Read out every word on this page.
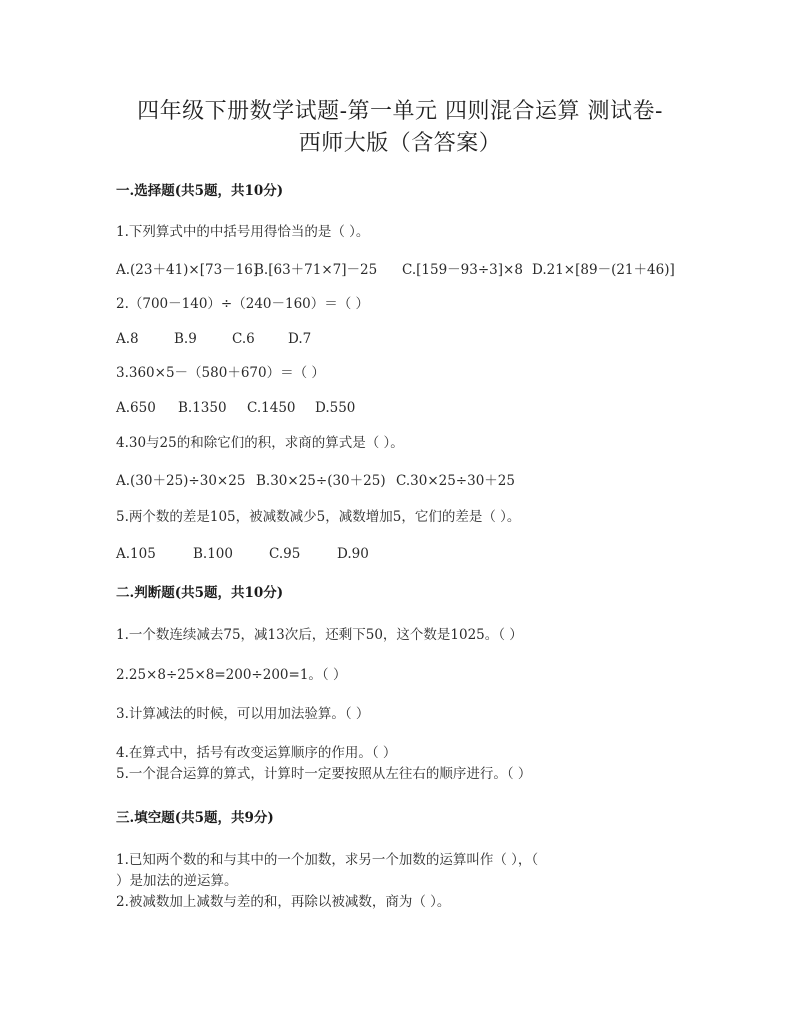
四年级下册数学试题-第一单元 四则混合运算 测试卷-
西师大版（含答案）
一.选择题(共5题，共10分)
1.下列算式中的中括号用得恰当的是（ ）。
A.(23＋41)×[73－16]B.[63＋71×7]－25 C.[159－93÷3]×8 D.21×[89－(21＋46)]
2.（700－140）÷（240－160）＝（ ）
A.8	B.9	C.6 D.7
3.360×5－（580＋670）＝（ ）
A.650 B.1350 C.1450 D.550
4.30与25的和除它们的积，求商的算式是（ ）。
A.(30＋25)÷30×25 B.30×25÷(30＋25) C.30×25÷30＋25
5.两个数的差是105，被减数减少5，减数增加5，它们的差是（ ）。
A.105	B.100	C.95	D.90
二.判断题(共5题，共10分)
1.一个数连续减去75，减13次后，还剩下50，这个数是1025。（ ）
2.25×8÷25×8=200÷200=1。（ ）
3.计算减法的时候，可以用加法验算。（ ）
4.在算式中，括号有改变运算顺序的作用。（ ）
5.一个混合运算的算式，计算时一定要按照从左往右的顺序进行。（ ）
三.填空题(共5题，共9分)
1.已知两个数的和与其中的一个加数，求另一个加数的运算叫作（ ），（
）是加法的逆运算。
2.被减数加上减数与差的和，再除以被减数，商为（ ）。
